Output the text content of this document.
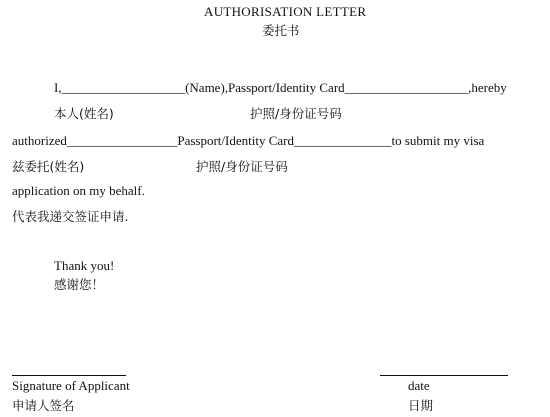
AUTHORISATION LETTER
委托书
I,___________________(Name),Passport/Identity Card___________________,hereby
本人(姓名)	护照/身份证号码
authorized_________________Passport/Identity Card_______________to submit my visa
兹委托(姓名)	护照/身份证号码
application on my behalf.
代表我递交签证申请.
Thank you!
感谢您！
Signature of Applicant
申请人签名
date
日期
